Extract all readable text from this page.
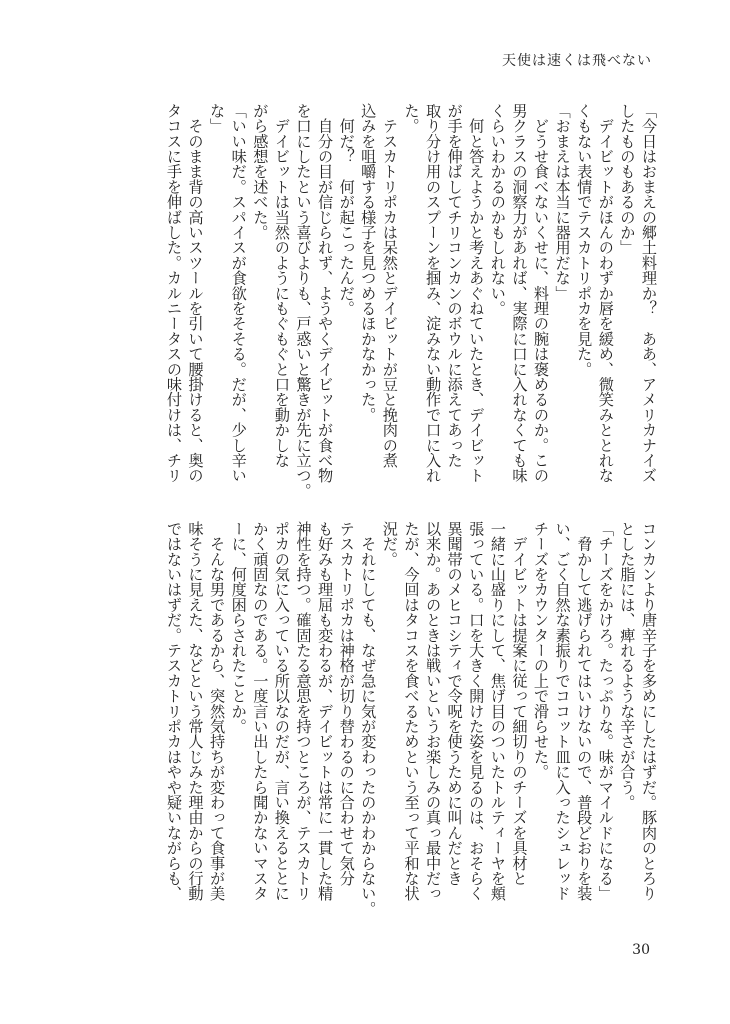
天使は速くは飛べない
「今日はおまえの郷土料理か？　ああ、アメリカナイズ
したものもあるのか」
　デイビットがほんのわずか唇を緩め、微笑みととれな
くもない表情でテスカトリポカを見た。
「おまえは本当に器用だな」
　どうせ食べないくせに、料理の腕は褒めるのか。この
男クラスの洞察力があれば、実際に口に入れなくても味
くらいわかるのかもしれない。
　何と答えようかと考えあぐねていたとき、デイビット
が手を伸ばしてチリコンカンのボウルに添えてあった
取り分け用のスプーンを掴み、淀みない動作で口に入れ
た。
　テスカトリポカは呆然とデイビットが豆と挽肉の煮
込みを咀嚼する様子を見つめるほかなかった。
　何だ？　何が起こったんだ。
　自分の目が信じられず、ようやくデイビットが食べ物
を口にしたという喜びよりも、戸惑いと驚きが先に立つ。
　デイビットは当然のようにもぐもぐと口を動かしな
がら感想を述べた。
「いい味だ。スパイスが食欲をそそる。だが、少し辛い
な」
　そのまま背の高いスツールを引いて腰掛けると、奥の
タコスに手を伸ばした。カルニータスの味付けは、チリ
コンカンより唐辛子を多めにしたはずだ。豚肉のとろり
とした脂には、痺れるような辛さが合う。
「チーズをかけろ。たっぷりな。味がマイルドになる」
　脅かして逃げられてはいけないので、普段どおりを装
い、ごく自然な素振りでココット皿に入ったシュレッド
チーズをカウンターの上で滑らせた。
　デイビットは提案に従って細切りのチーズを具材と
一緒に山盛りにして、焦げ目のついたトルティーヤを頬
張っている。口を大きく開けた姿を見るのは、おそらく
異聞帯のメヒコシティで令呪を使うために叫んだとき
以来か。あのときは戦いというお楽しみの真っ最中だっ
たが、今回はタコスを食べるためという至って平和な状
況だ。
　それにしても、なぜ急に気が変わったのかわからない。
テスカトリポカは神格が切り替わるのに合わせて気分
も好みも理屈も変わるが、デイビットは常に一貫した精
神性を持つ。確固たる意思を持つところが、テスカトリ
ポカの気に入っている所以なのだが、言い換えるととに
かく頑固なのである。一度言い出したら聞かないマスタ
ーに、何度困らされたことか。
　そんな男であるから、突然気持ちが変わって食事が美
味そうに見えた、などという常人じみた理由からの行動
ではないはずだ。テスカトリポカはやや疑いながらも、
30
